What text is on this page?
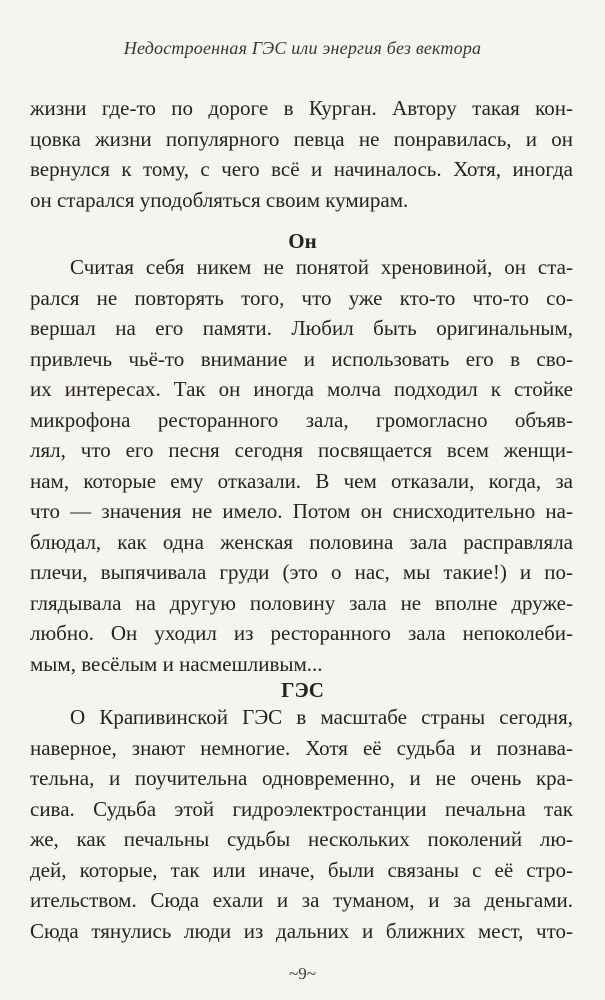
Недостроенная ГЭС или энергия без вектора
жизни где-то по дороге в Курган. Автору такая кон-
цовка жизни популярного певца не понравилась, и он
вернулся к тому, с чего всё и начиналось. Хотя, иногда
он старался уподобляться своим кумирам.
Он
Считая себя никем не понятой хреновиной, он ста-
рался не повторять того, что уже кто-то что-то со-
вершал на его памяти. Любил быть оригинальным,
привлечь чьё-то внимание и использовать его в сво-
их интересах. Так он иногда молча подходил к стойке
микрофона ресторанного зала, громогласно объяв-
лял, что его песня сегодня посвящается всем женщи-
нам, которые ему отказали. В чем отказали, когда, за
что — значения не имело. Потом он снисходительно на-
блюдал, как одна женская половина зала расправляла
плечи, выпячивала груди (это о нас, мы такие!) и по-
глядывала на другую половину зала не вполне друже-
любно. Он уходил из ресторанного зала непоколеби-
мым, весёлым и насмешливым...
ГЭС
О Крапивинской ГЭС в масштабе страны сегодня,
наверное, знают немногие. Хотя её судьба и познава-
тельна, и поучительна одновременно, и не очень кра-
сива. Судьба этой гидроэлектростанции печальна так
же, как печальны судьбы нескольких поколений лю-
дей, которые, так или иначе, были связаны с её стро-
ительством. Сюда ехали и за туманом, и за деньгами.
Сюда тянулись люди из дальних и ближних мест, что-
~9~
